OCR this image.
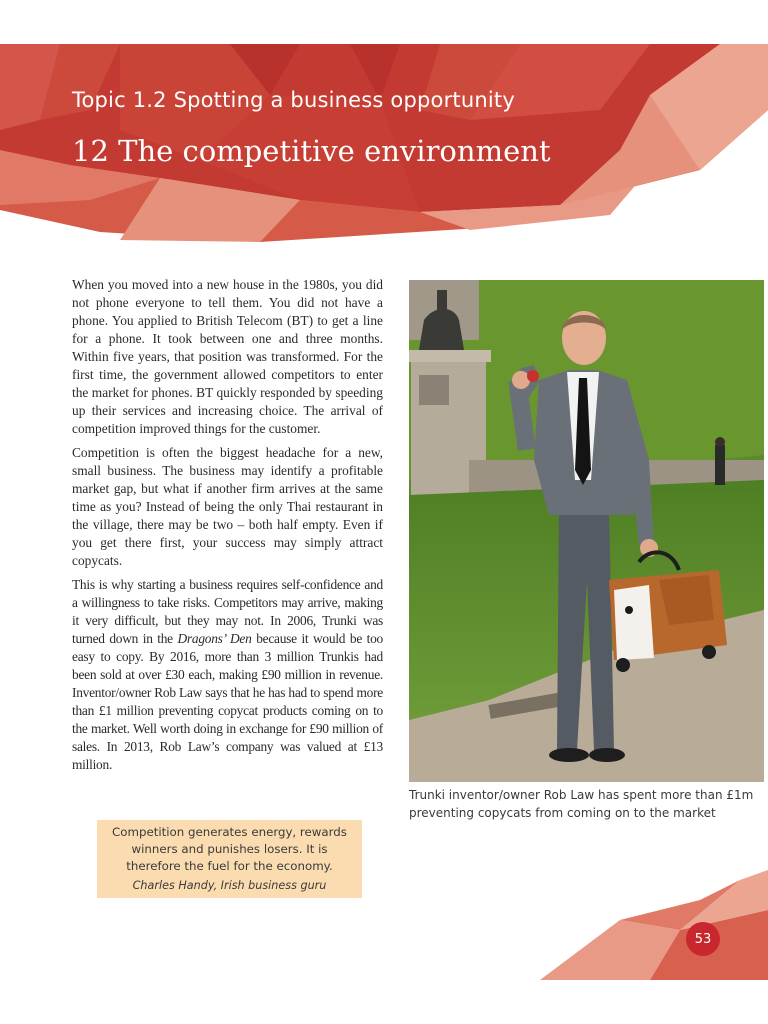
Topic 1.2 Spotting a business opportunity
12 The competitive environment

When you moved into a new house in the 1980s, you did not phone everyone to tell them. You did not have a phone. You applied to British Telecom (BT) to get a line for a phone. It took between one and three months. Within five years, that position was transformed. For the first time, the government allowed competitors to enter the market for phones. BT quickly responded by speeding up their services and increasing choice. The arrival of competition improved things for the customer.

Competition is often the biggest headache for a new, small business. The business may identify a profitable market gap, but what if another firm arrives at the same time as you? Instead of being the only Thai restaurant in the village, there may be two – both half empty. Even if you get there first, your success may simply attract copycats.

This is why starting a business requires self-confidence and a willingness to take risks. Competitors may arrive, making it very difficult, but they may not. In 2006, Trunki was turned down in the Dragons’ Den because it would be too easy to copy. By 2016, more than 3 million Trunkis had been sold at over £30 each, making £90 million in revenue. Inventor/owner Rob Law says that he has had to spend more than £1 million preventing copycat products coming on to the market. Well worth doing in exchange for £90 million of sales. In 2013, Rob Law’s company was valued at £13 million.

Competition generates energy, rewards winners and punishes losers. It is therefore the fuel for the economy.

Charles Handy, Irish business guru

Trunki inventor/owner Rob Law has spent more than £1m preventing copycats from coming on to the market

53
